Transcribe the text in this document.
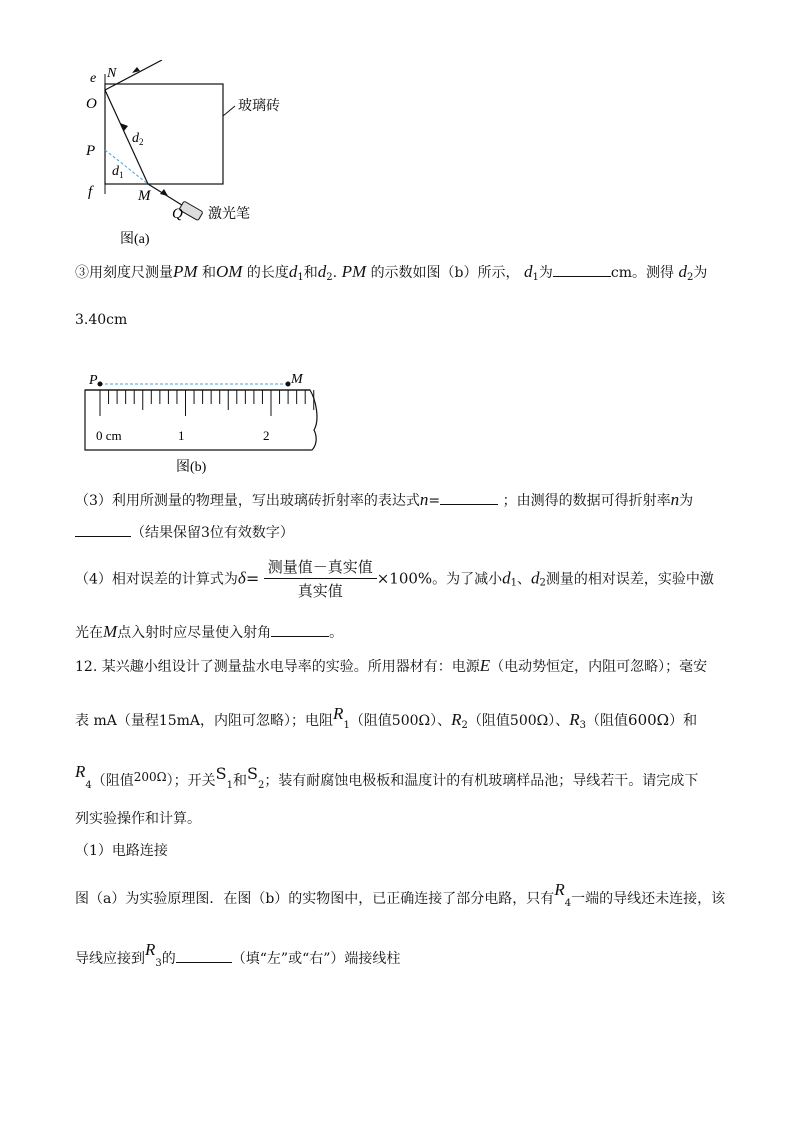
e N
O
P
f	M
Q
$d_2$
$d_1$
玻璃砖
激光笔
图(a)
③用刻度尺测量PM 和OM 的长度$d_1$和$d_2$. PM 的示数如图（b）所示， $d_1$为	cm。测得 $d_2$为
3.40cm
P	M
0 cm	1	2
图(b)
（3）利用所测量的物理量，写出玻璃砖折射率的表达式n=	；由测得的数据可得折射率n为
（结果保留3位有效数字）
（4）相对误差的计算式为$\delta= \frac{\text{测量值－真实值}}{\text{真实值}} \times 100\%$。为了减小$d_1$、$d_2$测量的相对误差，实验中激
光在M点入射时应尽量使入射角	。
12. 某兴趣小组设计了测量盐水电导率的实验。所用器材有：电源E（电动势恒定，内阻可忽略）；毫安
表 mA（量程15mA，内阻可忽略）；电阻$R_1$（阻值500Ω）、$R_2$（阻值500Ω）、$R_3$（阻值600Ω）和
$R_4$（阻值200Ω）；开关$S_1$和$S_2$；装有耐腐蚀电极板和温度计的有机玻璃样品池；导线若干。请完成下
列实验操作和计算。
（1）电路连接
图（a）为实验原理图．在图（b）的实物图中，已正确连接了部分电路，只有$R_4$一端的导线还未连接，该
导线应接到$R_3$的	（填“左”或“右”）端接线柱
